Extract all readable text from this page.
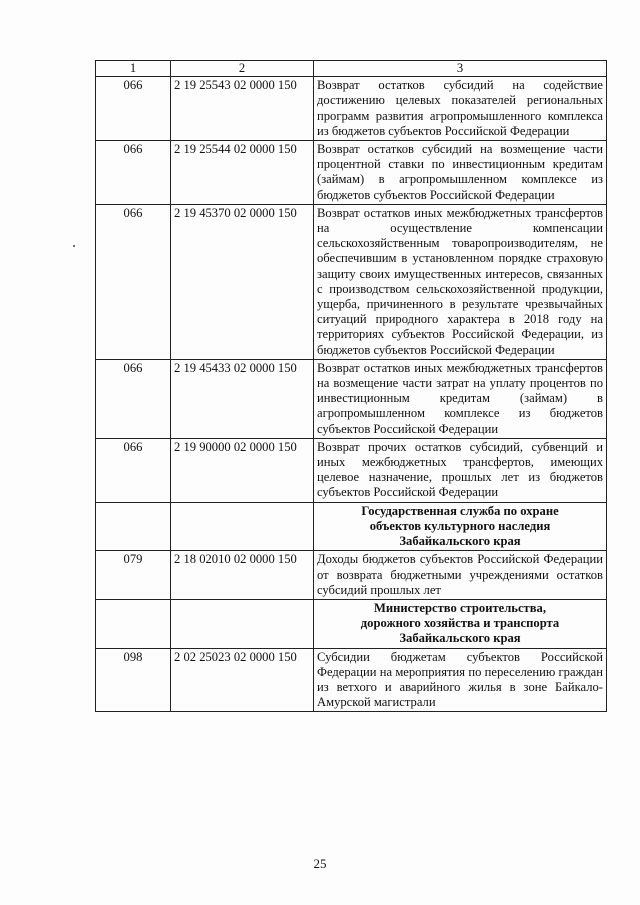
1	2	3
066	2 19 25543 02 0000 150	Возврат остатков субсидий на содействие достижению целевых показателей региональных программ развития агропромышленного комплекса из бюджетов субъектов Российской Федерации
066	2 19 25544 02 0000 150	Возврат остатков субсидий на возмещение части процентной ставки по инвестиционным кредитам (займам) в агропромышленном комплексе из бюджетов субъектов Российской Федерации
066	2 19 45370 02 0000 150	Возврат остатков иных межбюджетных трансфертов на осуществление компенсации сельскохозяйственным товаропроизводителям, не обеспечившим в установленном порядке страховую защиту своих имущественных интересов, связанных с производством сельскохозяйственной продукции, ущерба, причиненного в результате чрезвычайных ситуаций природного характера в 2018 году на территориях субъектов Российской Федерации, из бюджетов субъектов Российской Федерации
066	2 19 45433 02 0000 150	Возврат остатков иных межбюджетных трансфертов на возмещение части затрат на уплату процентов по инвестиционным кредитам (займам) в агропромышленном комплексе из бюджетов субъектов Российской Федерации
066	2 19 90000 02 0000 150	Возврат прочих остатков субсидий, субвенций и иных межбюджетных трансфертов, имеющих целевое назначение, прошлых лет из бюджетов субъектов Российской Федерации

		Государственная служба по охране
объектов культурного наследия
Забайкальского края

079	2 18 02010 02 0000 150	Доходы бюджетов субъектов Российской Федерации от возврата бюджетными учреждениями остатков субсидий прошлых лет

		Министерство строительства,
дорожного хозяйства и транспорта
Забайкальского края

098	2 02 25023 02 0000 150	Субсидии бюджетам субъектов Российской Федерации на мероприятия по переселению граждан из ветхого и аварийного жилья в зоне Байкало-Амурской магистрали
25
